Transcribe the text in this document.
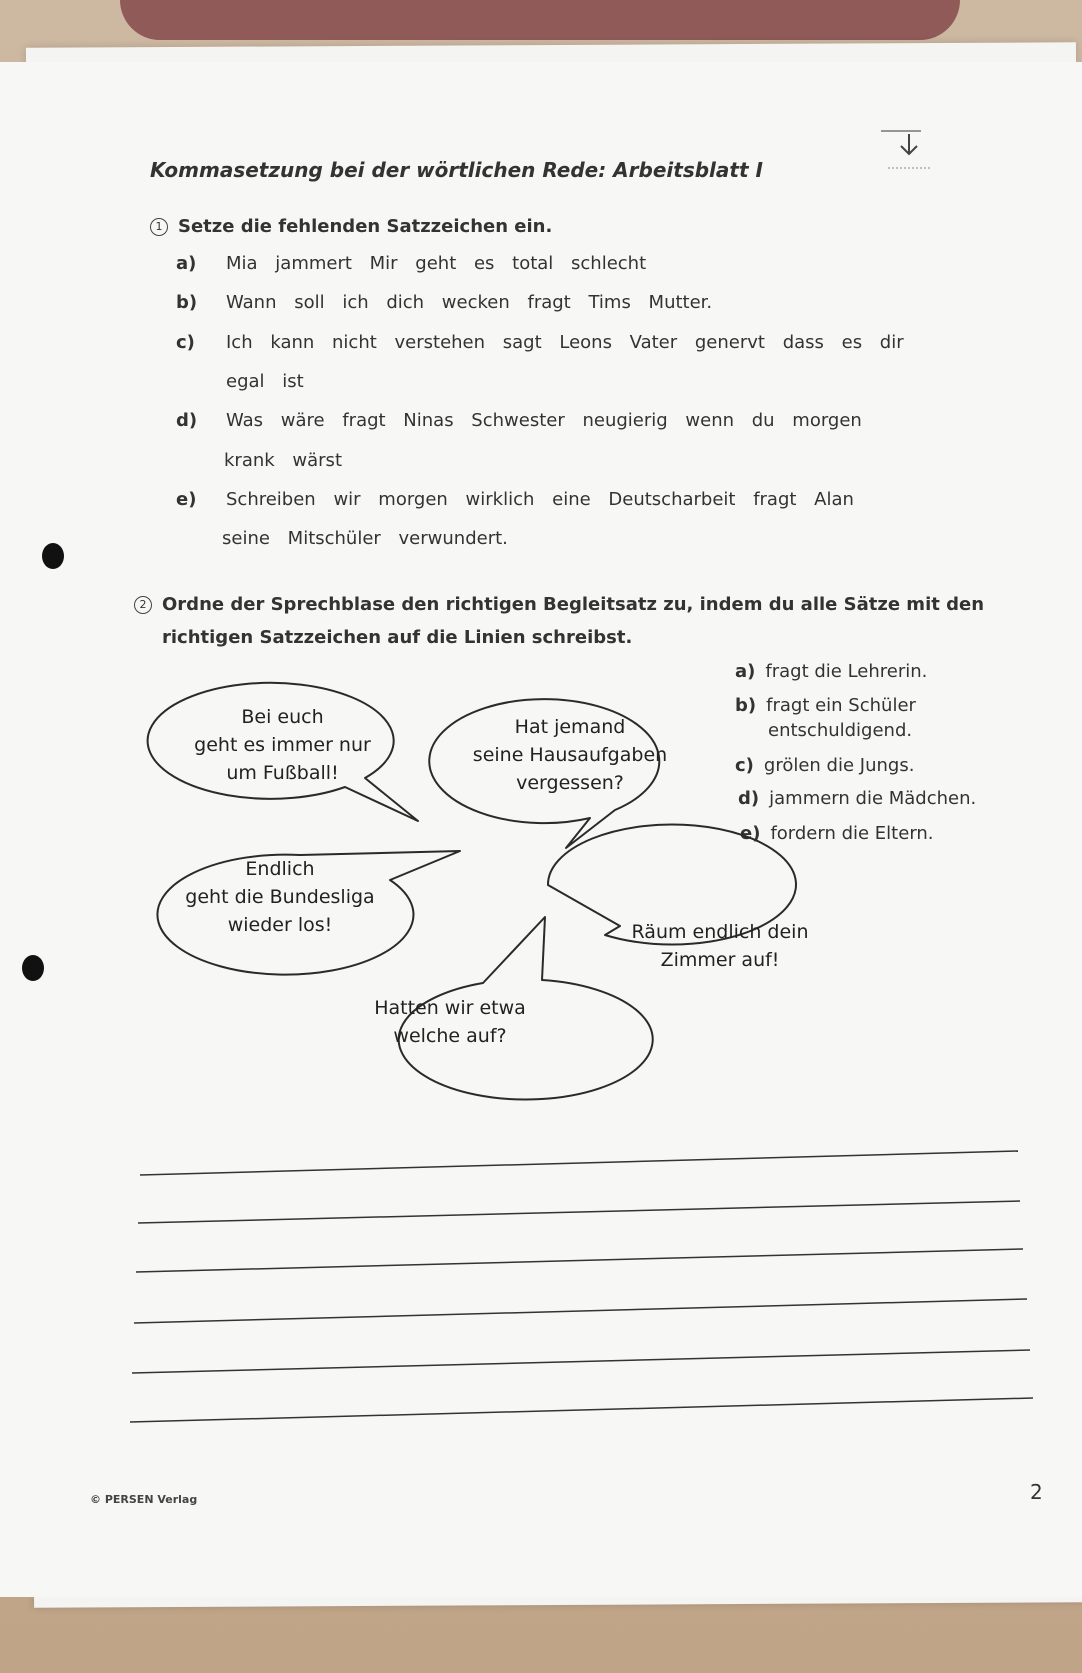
Kommasetzung bei der wörtlichen Rede: Arbeitsblatt I
1 Setze die fehlenden Satzzeichen ein.
a) Mia jammert Mir geht es total schlecht
b) Wann soll ich dich wecken fragt Tims Mutter.
c) Ich kann nicht verstehen sagt Leons Vater genervt dass es dir
egal ist
d) Was wäre fragt Ninas Schwester neugierig wenn du morgen
krank wärst
e) Schreiben wir morgen wirklich eine Deutscharbeit fragt Alan
seine Mitschüler verwundert.
2 Ordne der Sprechblase den richtigen Begleitsatz zu, indem du alle Sätze mit den
richtigen Satzzeichen auf die Linien schreibst.
a) fragt die Lehrerin.
b) fragt ein Schüler
entschuldigend.
c) grölen die Jungs.
d) jammern die Mädchen.
e) fordern die Eltern.
Bei euch
geht es immer nur
um Fußball!
Hat jemand
seine Hausaufgaben
vergessen?
Endlich
geht die Bundesliga
wieder los!	Räum endlich dein
Zimmer auf!
Hatten wir etwa
welche auf?
© PERSEN Verlag	2
